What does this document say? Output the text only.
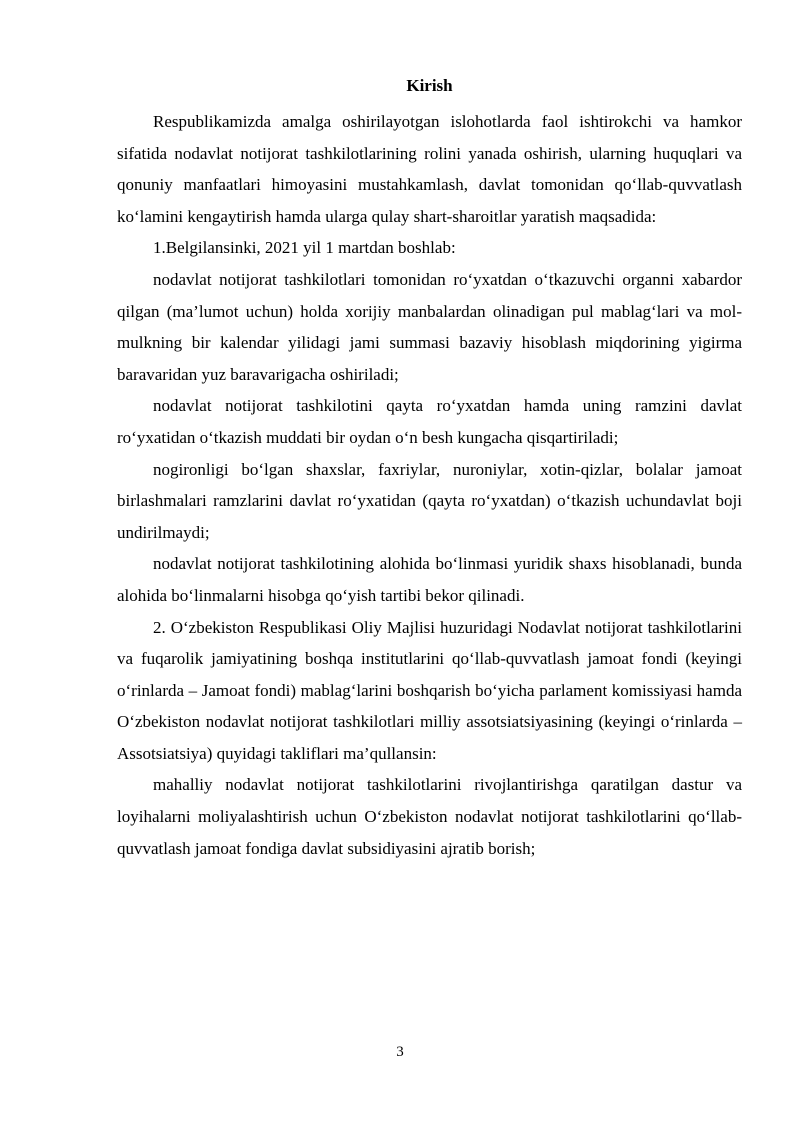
Kirish

Respublikamizda amalga oshirilayotgan islohotlarda faol ishtirokchi va hamkor sifatida nodavlat notijorat tashkilotlarining rolini yanada oshirish, ularning huquqlari va qonuniy manfaatlari himoyasini mustahkamlash, davlat tomonidan qo‘llab-quvvatlash ko‘lamini kengaytirish hamda ularga qulay shart-sharoitlar yaratish maqsadida:

1.Belgilansinki, 2021 yil 1 martdan boshlab:

nodavlat notijorat tashkilotlari tomonidan ro‘yxatdan o‘tkazuvchi organni xabardor qilgan (ma’lumot uchun) holda xorijiy manbalardan olinadigan pul mablag‘lari va mol-mulkning bir kalendar yilidagi jami summasi bazaviy hisoblash miqdorining yigirma baravaridan yuz baravarigacha oshiriladi;

nodavlat notijorat tashkilotini qayta ro‘yxatdan hamda uning ramzini davlat ro‘yxatidan o‘tkazish muddati bir oydan o‘n besh kungacha qisqartiriladi;

nogironligi bo‘lgan shaxslar, faxriylar, nuroniylar, xotin-qizlar, bolalar jamoat birlashmalari ramzlarini davlat ro‘yxatidan (qayta ro‘yxatdan) o‘tkazish uchundavlat boji undirilmaydi;

nodavlat notijorat tashkilotining alohida bo‘linmasi yuridik shaxs hisoblanadi, bunda alohida bo‘linmalarni hisobga qo‘yish tartibi bekor qilinadi.

2. O‘zbekiston Respublikasi Oliy Majlisi huzuridagi Nodavlat notijorat tashkilotlarini va fuqarolik jamiyatining boshqa institutlarini qo‘llab-quvvatlash jamoat fondi (keyingi o‘rinlarda – Jamoat fondi) mablag‘larini boshqarish bo‘yicha parlament komissiyasi hamda O‘zbekiston nodavlat notijorat tashkilotlari milliy assotsiatsiyasining (keyingi o‘rinlarda – Assotsiatsiya) quyidagi takliflari ma’qullansin:

mahalliy nodavlat notijorat tashkilotlarini rivojlantirishga qaratilgan dastur va loyihalarni moliyalashtirish uchun O‘zbekiston nodavlat notijorat tashkilotlarini qo‘llab-quvvatlash jamoat fondiga davlat subsidiyasini ajratib borish;

3
